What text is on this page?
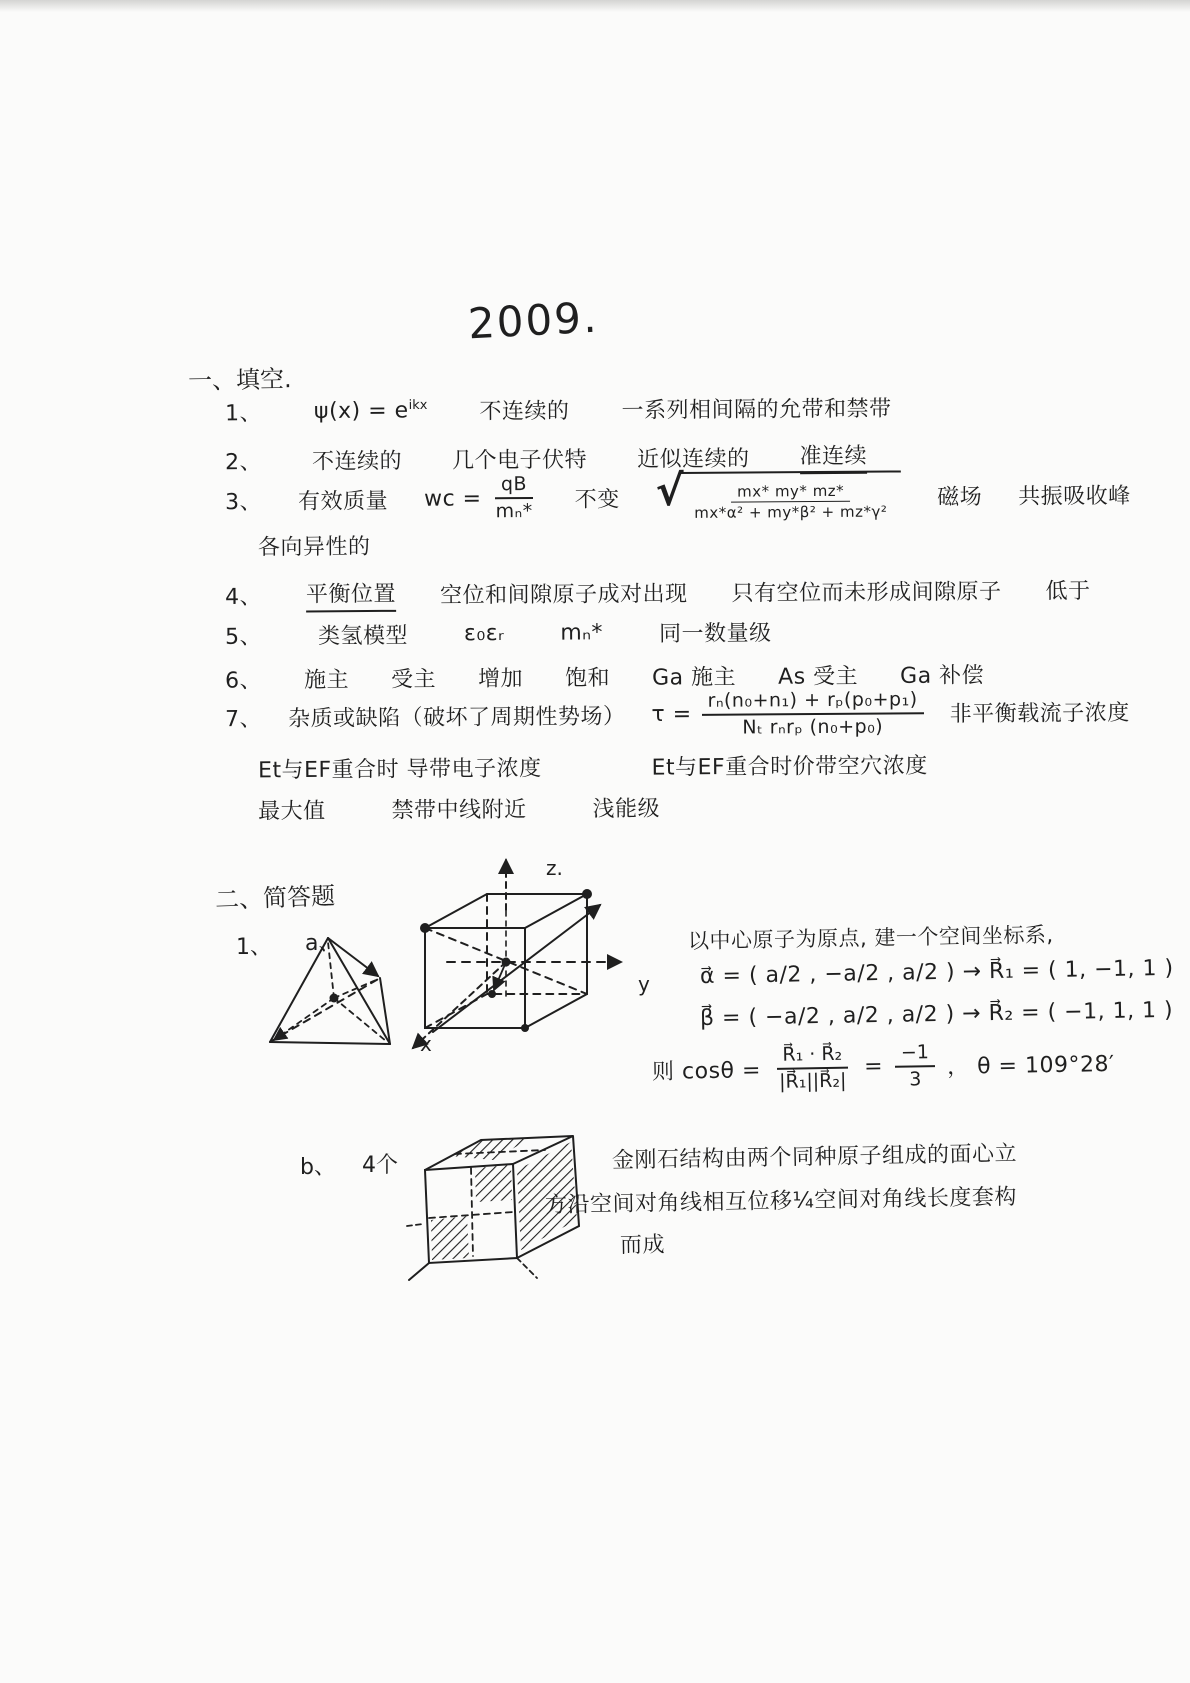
2009.
一、填空.
1、 $\psi(x) = e^{ikx}$ 不连续的 一系列相间隔的允带和禁带
2、 不连续的 几个电子伏特 近似连续的 准连续
3、 有效质量 wc = $\frac{qB}{\text{mₙ*}}$ 不变 √ $\frac{mx* my* mz*}{\text{mx*α² + my*β² + mz*γ²}}$ 磁场 共振吸收峰
各向异性的
4、 平衡位置 空位和间隙原子成对出现 只有空位而未形成间隙原子 低于
5、	类氢模型	ε₀εᵣ	mₙ*	同一数量级
6、 施主 受主 增加 饱和 Ga 施主 As 受主 Ga 补偿
7、 杂质或缺陷（破坏了周期性势场） $\tau = \frac{\text{rₙ(n₀+n₁) + rₚ(p₀+p₁)}}{\text{Nₜ rₙrₚ (n₀+p₀)}}$ 非平衡载流子浓度
Et与EF重合时 导带电子浓度	Et与EF重合时价带空穴浓度
最大值	禁带中线附近	浅能级
二、简答题
1、 a、
z.
y
x
以中心原子为原点, 建一个空间坐标系,
α⃗ = ( a/2 , −a/2 , a/2 ) → R⃗₁ = ( 1, −1, 1 )
β⃗ = ( −a/2 , a/2 , a/2 ) → R⃗₂ = ( −1, 1, 1 )
则 $\cos\theta = \frac{\text{R⃗₁ · R⃗₂}}{\text{|R⃗₁||R⃗₂|}} = \frac{-1}{3}$ ， θ = 109°28′
b、 4个	金刚石结构由两个同种原子组成的面心立
方沿空间对角线相互位移¼空间对角线长度套构
而成
